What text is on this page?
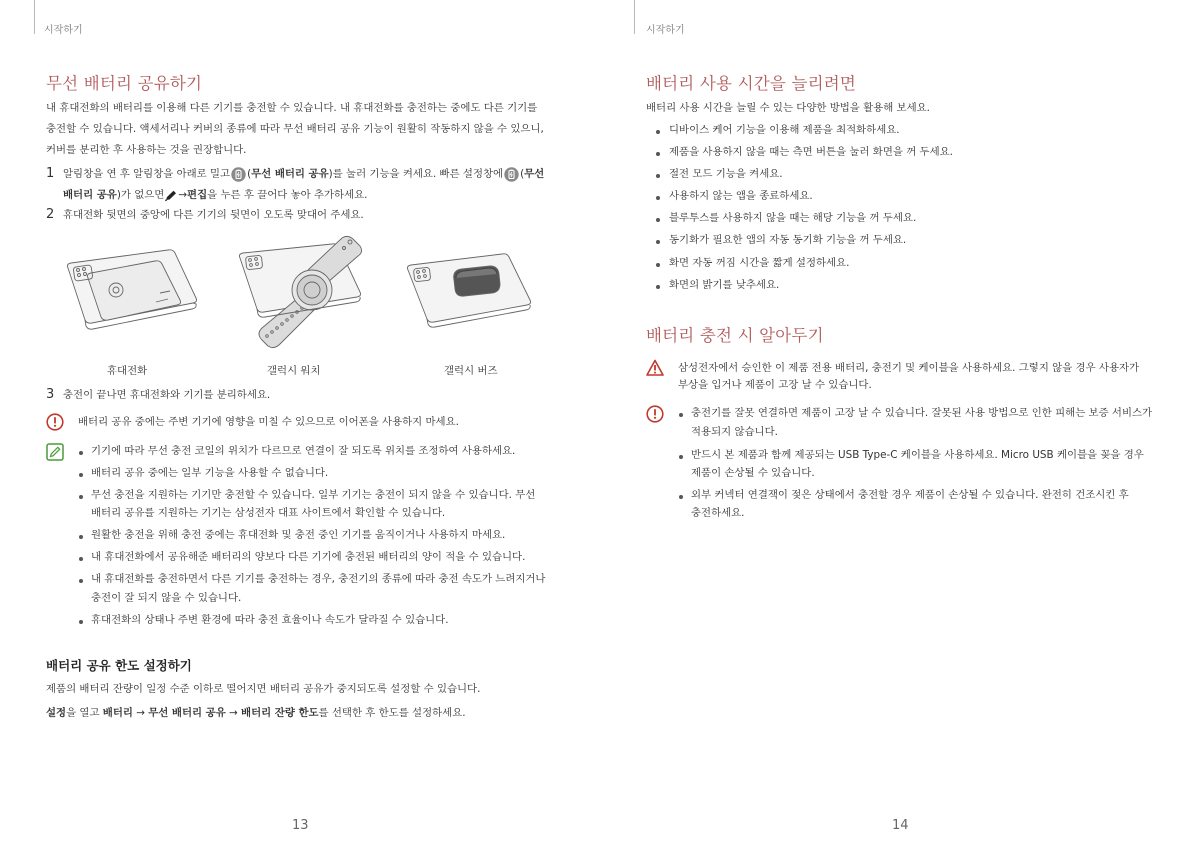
시작하기
무선 배터리 공유하기
내 휴대전화의 배터리를 이용해 다른 기기를 충전할 수 있습니다. 내 휴대전화를 충전하는 중에도 다른 기기를
충전할 수 있습니다. 액세서리나 커버의 종류에 따라 무선 배터리 공유 기능이 원활히 작동하지 않을 수 있으니,
커버를 분리한 후 사용하는 것을 권장합니다.
1 알림창을 연 후 알림창을 아래로 밀고 ( 무선 배터리 공유 )를 눌러 기능을 켜세요. 빠른 설정창에 ( 무선
배터리 공유 )가 없으면 → 편집 을 누른 후 끌어다 놓아 추가하세요.
2 휴대전화 뒷면의 중앙에 다른 기기의 뒷면이 오도록 맞대어 주세요.
휴대전화	갤럭시 워치	갤럭시 버즈
3 충전이 끝나면 휴대전화와 기기를 분리하세요.
배터리 공유 중에는 주변 기기에 영향을 미칠 수 있으므로 이어폰을 사용하지 마세요.
기기에 따라 무선 충전 코일의 위치가 다르므로 연결이 잘 되도록 위치를 조정하여 사용하세요.
배터리 공유 중에는 일부 기능을 사용할 수 없습니다.
무선 충전을 지원하는 기기만 충전할 수 있습니다. 일부 기기는 충전이 되지 않을 수 있습니다. 무선
배터리 공유를 지원하는 기기는 삼성전자 대표 사이트에서 확인할 수 있습니다.
원활한 충전을 위해 충전 중에는 휴대전화 및 충전 중인 기기를 움직이거나 사용하지 마세요.
내 휴대전화에서 공유해준 배터리의 양보다 다른 기기에 충전된 배터리의 양이 적을 수 있습니다.
내 휴대전화를 충전하면서 다른 기기를 충전하는 경우, 충전기의 종류에 따라 충전 속도가 느려지거나
충전이 잘 되지 않을 수 있습니다.
휴대전화의 상태나 주변 환경에 따라 충전 효율이나 속도가 달라질 수 있습니다.
배터리 공유 한도 설정하기
제품의 배터리 잔량이 일정 수준 이하로 떨어지면 배터리 공유가 중지되도록 설정할 수 있습니다.
설정을 열고 배터리 → 무선 배터리 공유 → 배터리 잔량 한도를 선택한 후 한도를 설정하세요.
13
시작하기
배터리 사용 시간을 늘리려면
배터리 사용 시간을 늘릴 수 있는 다양한 방법을 활용해 보세요.
디바이스 케어 기능을 이용해 제품을 최적화하세요.
제품을 사용하지 않을 때는 측면 버튼을 눌러 화면을 꺼 두세요.
절전 모드 기능을 켜세요.
사용하지 않는 앱을 종료하세요.
블루투스를 사용하지 않을 때는 해당 기능을 꺼 두세요.
동기화가 필요한 앱의 자동 동기화 기능을 꺼 두세요.
화면 자동 꺼짐 시간을 짧게 설정하세요.
화면의 밝기를 낮추세요.
배터리 충전 시 알아두기
삼성전자에서 승인한 이 제품 전용 배터리, 충전기 및 케이블을 사용하세요. 그렇지 않을 경우 사용자가
부상을 입거나 제품이 고장 날 수 있습니다.
충전기를 잘못 연결하면 제품이 고장 날 수 있습니다. 잘못된 사용 방법으로 인한 피해는 보증 서비스가
적용되지 않습니다.
반드시 본 제품과 함께 제공되는 USB Type-C 케이블을 사용하세요. Micro USB 케이블을 꽂을 경우
제품이 손상될 수 있습니다.
외부 커넥터 연결잭이 젖은 상태에서 충전할 경우 제품이 손상될 수 있습니다. 완전히 건조시킨 후
충전하세요.
14
